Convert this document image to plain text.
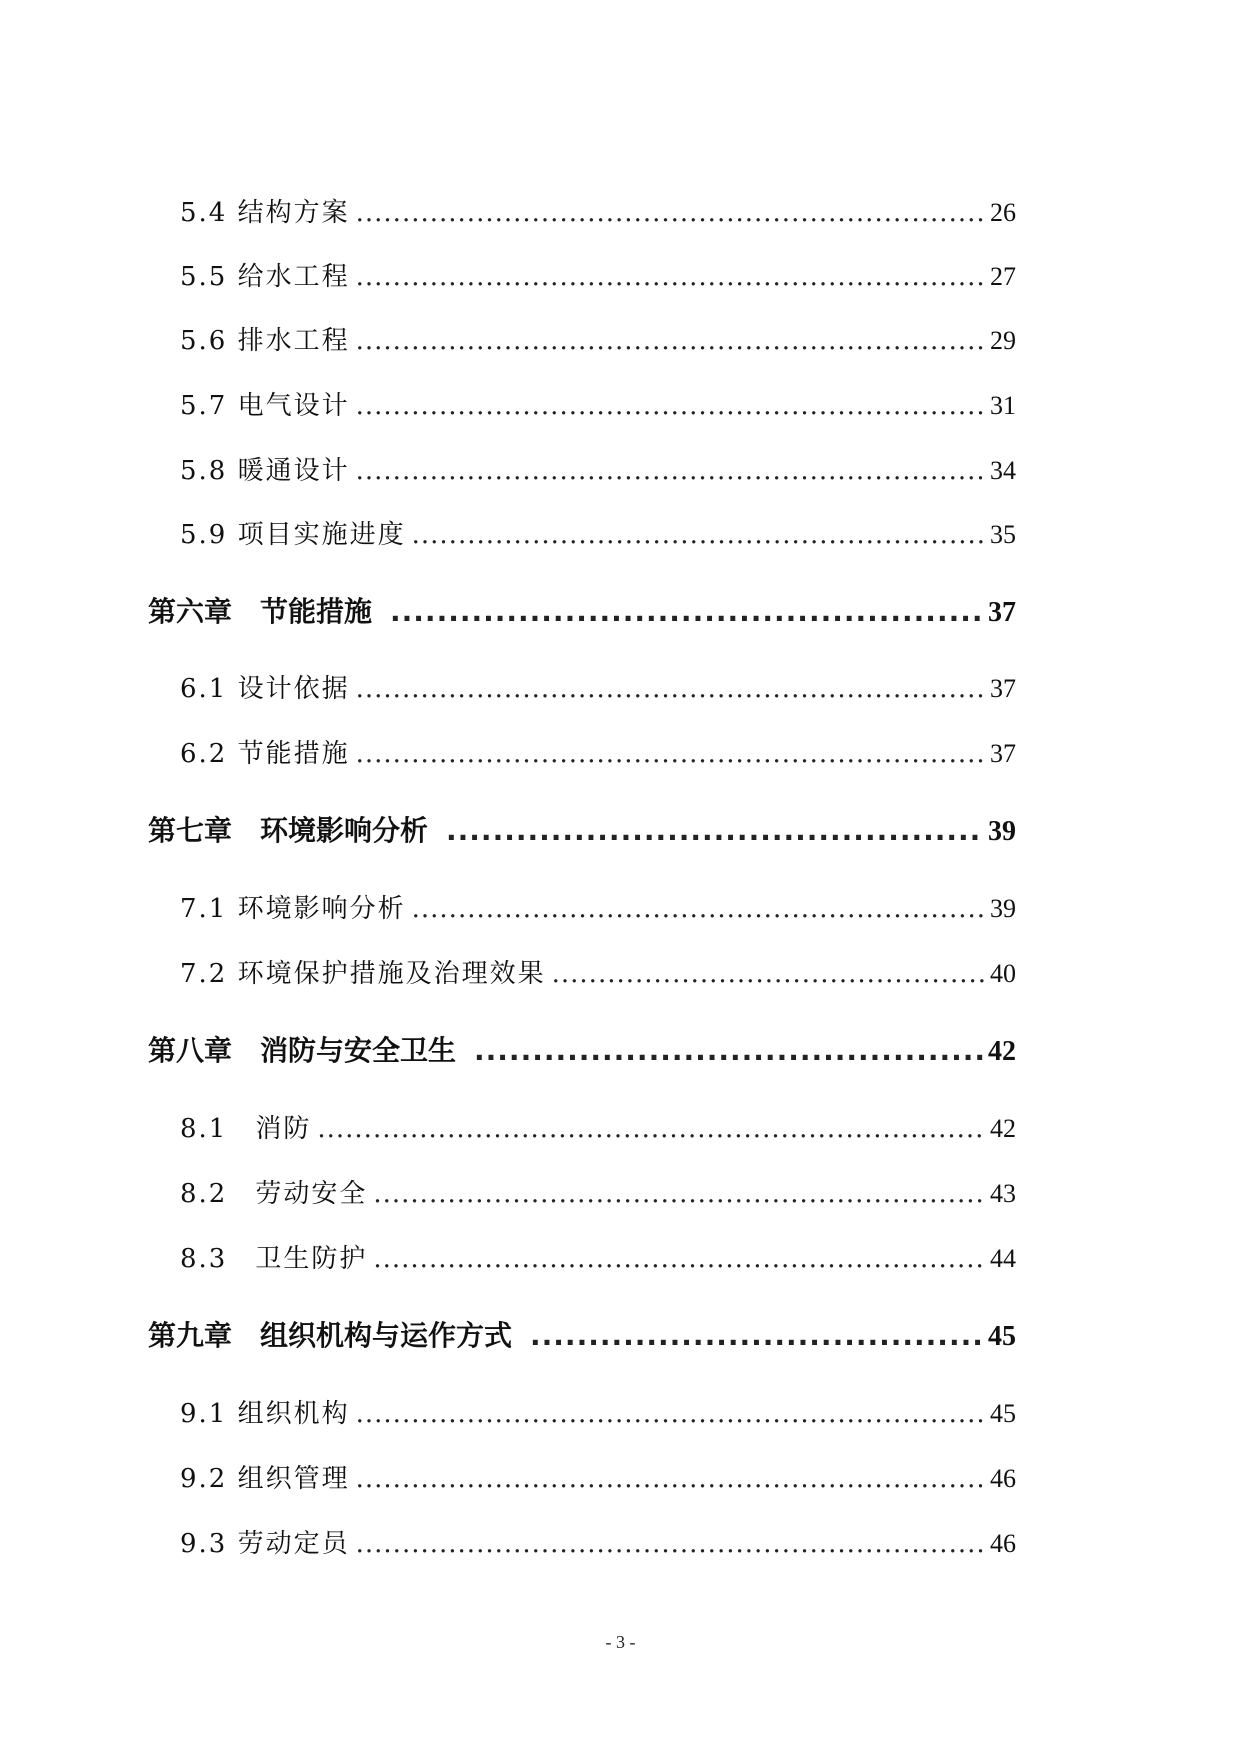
5.4 结构方案 .....	26
5.5 给水工程 .....	27
5.6 排水工程 .....	29
5.7 电气设计 .....	31
5.8 暖通设计 .....	34
5.9 项目实施进度 .....	35
第六章　节能措施 .....	37
6.1 设计依据 .....	37
6.2 节能措施 .....	37
第七章　环境影响分析 .....	39
7.1 环境影响分析 .....	39
7.2 环境保护措施及治理效果 .....	40
第八章　消防与安全卫生 .....	42
8.1　消防 .....	42
8.2　劳动安全 .....	43
8.3　卫生防护 .....	44
第九章　组织机构与运作方式 .....	45
9.1 组织机构 .....	45
9.2 组织管理 .....	46
9.3 劳动定员 .....	46
- 3 -
